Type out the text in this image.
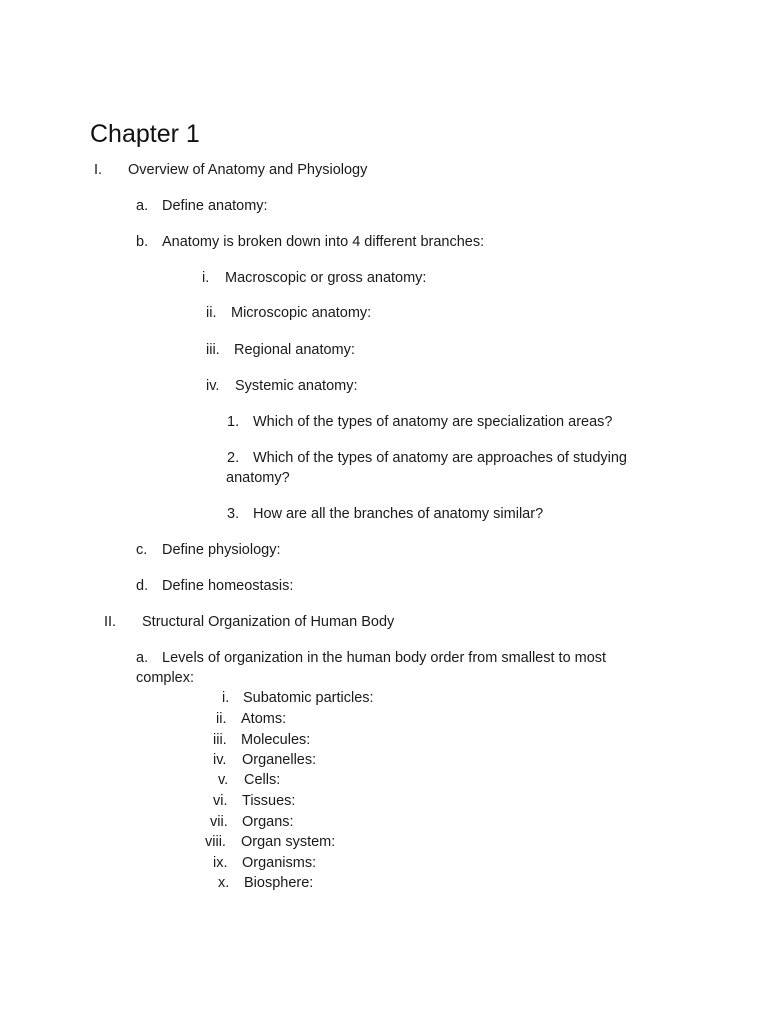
Chapter 1
I. Overview of Anatomy and Physiology
a. Define anatomy:
b. Anatomy is broken down into 4 different branches:
i. Macroscopic or gross anatomy:
ii. Microscopic anatomy:
iii. Regional anatomy:
iv. Systemic anatomy:
1. Which of the types of anatomy are specialization areas?
2. Which of the types of anatomy are approaches of studying
anatomy?
3. How are all the branches of anatomy similar?
c. Define physiology:
d. Define homeostasis:
II. Structural Organization of Human Body
a. Levels of organization in the human body order from smallest to most
complex:
i. Subatomic particles:
ii. Atoms:
iii. Molecules:
iv. Organelles:
v. Cells:
vi. Tissues:
vii. Organs:
viii. Organ system:
ix. Organisms:
x. Biosphere:
